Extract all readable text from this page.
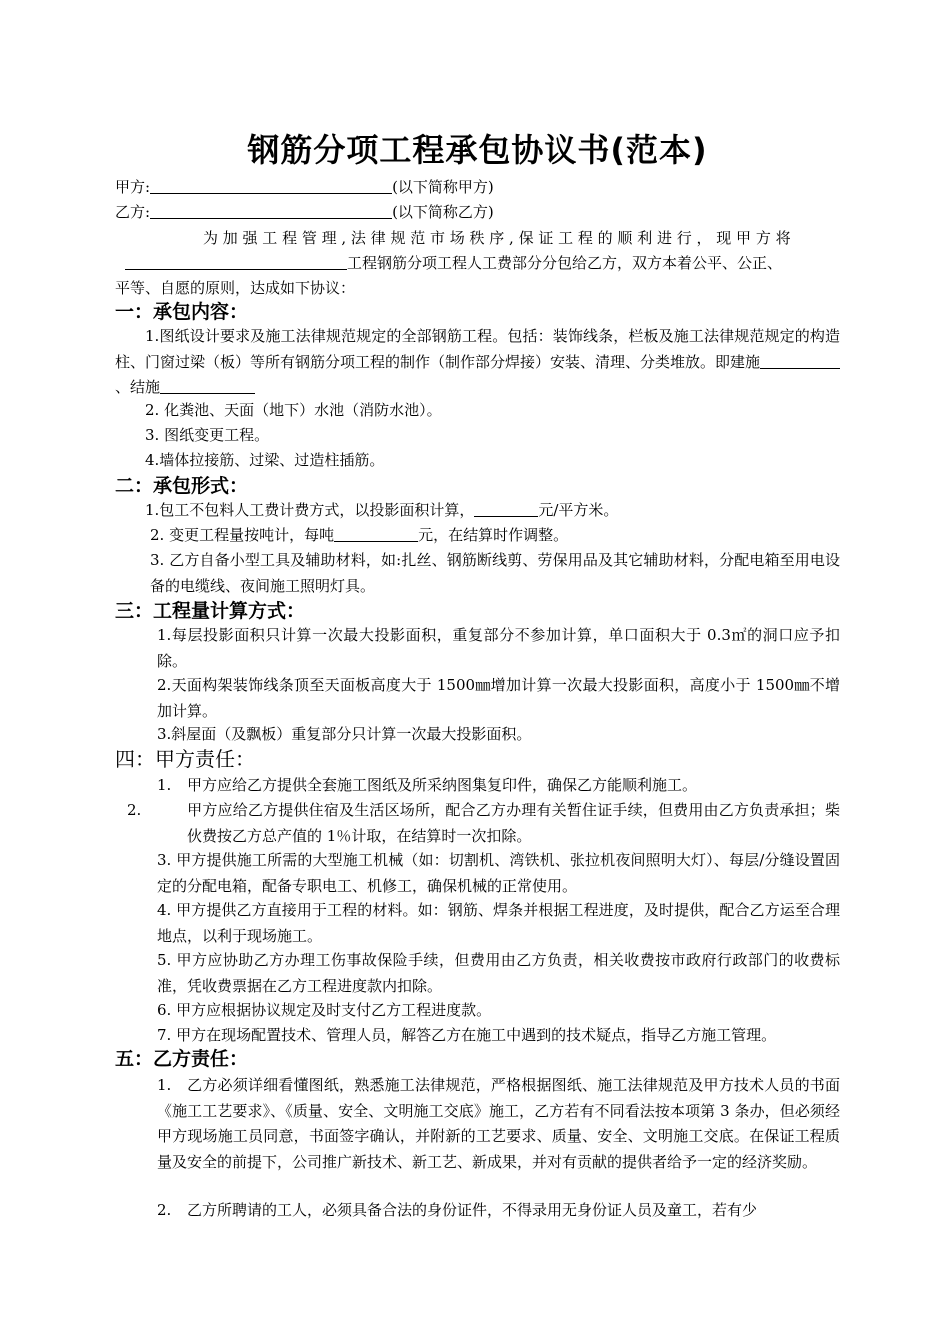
钢筋分项工程承包协议书(范本)
甲方:	(以下简称甲方)
乙方:	(以下简称乙方)
为 加 强 工 程 管 理 , 法 律 规 范 市 场 秩 序 , 保 证 工 程 的 顺 利 进 行 ， 现 甲 方 将
工程钢筋分项工程人工费部分分包给乙方，双方本着公平、公正、
平等、自愿的原则，达成如下协议：
一：承包内容：
1.图纸设计要求及施工法律规范规定的全部钢筋工程。包括：装饰线条，栏板及施工法律规范规定的构造柱、门窗过梁（板）等所有钢筋分项工程的制作（制作部分焊接）安装、清理、分类堆放。即建施、结施
2. 化粪池、天面（地下）水池（消防水池）。
3. 图纸变更工程。
4.墙体拉接筋、过梁、过造柱插筋。
二：承包形式：
1.包工不包料人工费计费方式，以投影面积计算，	元/平方米。
2. 变更工程量按吨计，每吨	元，在结算时作调整。
3. 乙方自备小型工具及辅助材料，如:扎丝、钢筋断线剪、劳保用品及其它辅助材料，分配电箱至用电设备的电缆线、夜间施工照明灯具。
三：工程量计算方式：
1.每层投影面积只计算一次最大投影面积，重复部分不参加计算，单口面积大于 0.3㎡的洞口应予扣除。
2.天面构架装饰线条顶至天面板高度大于 1500㎜增加计算一次最大投影面积，高度小于 1500㎜不增加计算。
3.斜屋面（及飘板）重复部分只计算一次最大投影面积。
四：甲方责任：
1. 甲方应给乙方提供全套施工图纸及所采纳图集复印件，确保乙方能顺利施工。
2.	甲方应给乙方提供住宿及生活区场所，配合乙方办理有关暂住证手续，但费用由乙方负责承担；柴伙费按乙方总产值的 1％计取，在结算时一次扣除。
3. 甲方提供施工所需的大型施工机械（如：切割机、湾铁机、张拉机夜间照明大灯）、每层/分缝设置固定的分配电箱，配备专职电工、机修工，确保机械的正常使用。
4. 甲方提供乙方直接用于工程的材料。如：钢筋、焊条并根据工程进度，及时提供，配合乙方运至合理地点，以利于现场施工。
5. 甲方应协助乙方办理工伤事故保险手续，但费用由乙方负责，相关收费按市政府行政部门的收费标准，凭收费票据在乙方工程进度款内扣除。
6. 甲方应根据协议规定及时支付乙方工程进度款。
7. 甲方在现场配置技术、管理人员，解答乙方在施工中遇到的技术疑点，指导乙方施工管理。
五：乙方责任：
1. 乙方必须详细看懂图纸，熟悉施工法律规范，严格根据图纸、施工法律规范及甲方技术人员的书面《施工工艺要求》、《质量、安全、文明施工交底》施工，乙方若有不同看法按本项第 3 条办，但必须经甲方现场施工员同意，书面签字确认，并附新的工艺要求、质量、安全、文明施工交底。在保证工程质量及安全的前提下，公司推广新技术、新工艺、新成果，并对有贡献的提供者给予一定的经济奖励。
2. 乙方所聘请的工人，必须具备合法的身份证件，不得录用无身份证人员及童工，若有少
